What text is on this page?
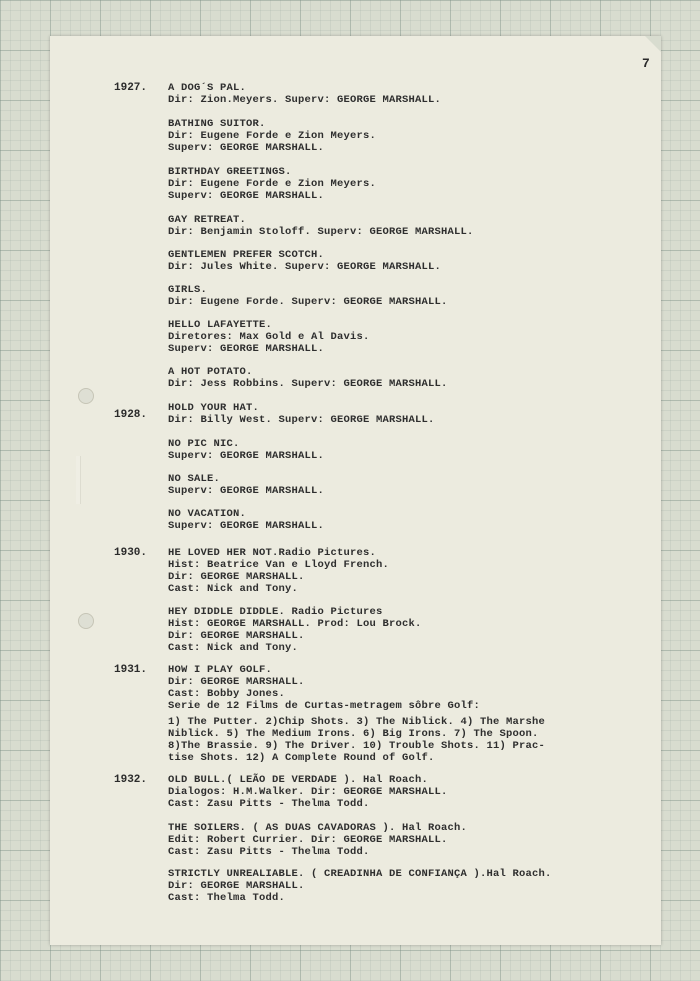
7
1927. A DOG´S PAL.
Dir: Zion.Meyers. Superv: GEORGE MARSHALL.
BATHING SUITOR.
Dir: Eugene Forde e Zion Meyers.
Superv: GEORGE MARSHALL.
BIRTHDAY GREETINGS.
Dir: Eugene Forde e Zion Meyers.
Superv: GEORGE MARSHALL.
GAY RETREAT.
Dir: Benjamin Stoloff. Superv: GEORGE MARSHALL.
GENTLEMEN PREFER SCOTCH.
Dir: Jules White. Superv: GEORGE MARSHALL.
GIRLS.
Dir: Eugene Forde. Superv: GEORGE MARSHALL.
HELLO LAFAYETTE.
Diretores: Max Gold e Al Davis.
Superv: GEORGE MARSHALL.
A HOT POTATO.
Dir: Jess Robbins. Superv: GEORGE MARSHALL.
1928.
HOLD YOUR HAT.
Dir: Billy West. Superv: GEORGE MARSHALL.
NO PIC NIC.
Superv: GEORGE MARSHALL.
NO SALE.
Superv: GEORGE MARSHALL.
NO VACATION.
Superv: GEORGE MARSHALL.
1930. HE LOVED HER NOT.Radio Pictures.
Hist: Beatrice Van e Lloyd French.
Dir: GEORGE MARSHALL.
Cast: Nick and Tony.
HEY DIDDLE DIDDLE. Radio Pictures
Hist: GEORGE MARSHALL. Prod: Lou Brock.
Dir: GEORGE MARSHALL.
Cast: Nick and Tony.
1931. HOW I PLAY GOLF.
Dir: GEORGE MARSHALL.
Cast: Bobby Jones.
Serie de 12 Films de Curtas-metragem sôbre Golf:
1) The Putter. 2)Chip Shots. 3) The Niblick. 4) The Marshe
Niblick. 5) The Medium Irons. 6) Big Irons. 7) The Spoon.
8)The Brassie. 9) The Driver. 10) Trouble Shots. 11) Prac-
tise Shots. 12) A Complete Round of Golf.
1932. OLD BULL.( LEÃO DE VERDADE ). Hal Roach.
Dialogos: H.M.Walker. Dir: GEORGE MARSHALL.
Cast: Zasu Pitts - Thelma Todd.
THE SOILERS. ( AS DUAS CAVADORAS ). Hal Roach.
Edit: Robert Currier. Dir: GEORGE MARSHALL.
Cast: Zasu Pitts - Thelma Todd.
STRICTLY UNREALIABLE. ( CREADINHA DE CONFIANÇA ).Hal Roach.
Dir: GEORGE MARSHALL.
Cast: Thelma Todd.
